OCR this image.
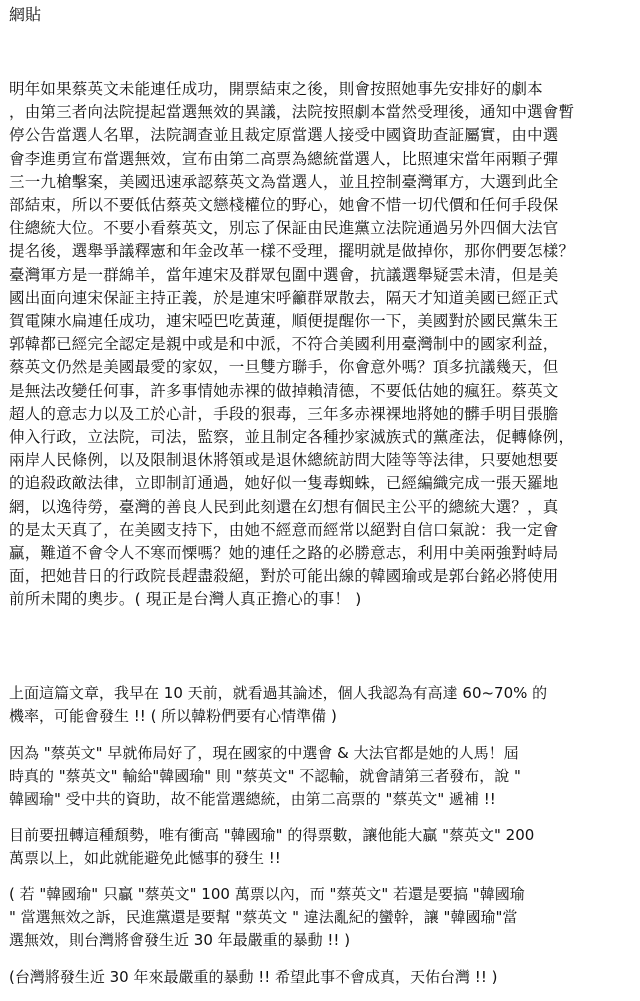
網貼
明年如果蔡英文未能連任成功，開票結束之後，則會按照她事先安排好的劇本
，由第三者向法院提起當選無效的異議，法院按照劇本當然受理後，通知中選會暫
停公告當選人名單，法院調查並且裁定原當選人接受中國資助查証屬實，由中選
會李進勇宣布當選無效，宣布由第二高票為總統當選人，比照連宋當年兩顆子彈
三一九槍擊案，美國迅速承認蔡英文為當選人，並且控制臺灣軍方，大選到此全
部結束，所以不要低估蔡英文戀棧權位的野心，她會不惜一切代價和任何手段保
住總統大位。不要小看蔡英文，別忘了保証由民進黨立法院通過另外四個大法官
提名後，選舉爭議釋憲和年金改革一樣不受理，擺明就是做掉你，那你們要怎樣？
臺灣軍方是一群綿羊，當年連宋及群眾包圍中選會，抗議選舉疑雲未清，但是美
國出面向連宋保証主持正義，於是連宋呼籲群眾散去，隔天才知道美國已經正式
賀電陳水扁連任成功，連宋啞巴吃黃蓮，順便提醒你一下，美國對於國民黨朱王
郭韓都已經完全認定是親中或是和中派，不符合美國利用臺灣制中的國家利益，
蔡英文仍然是美國最愛的家奴，一旦雙方聯手，你會意外嗎？頂多抗議幾天，但
是無法改變任何事，許多事情她赤裸的做掉賴清德，不要低估她的瘋狂。蔡英文
超人的意志力以及工於心計，手段的狠毒，三年多赤裸裸地將她的髒手明目張膽
伸入行政，立法院，司法，監察，並且制定各種抄家滅族式的黨產法，促轉條例，
兩岸人民條例，以及限制退休將領或是退休總統訪問大陸等等法律，只要她想要
的追殺政敵法律，立即制訂通過，她好似一隻毒蜘蛛，已經編織完成一張天羅地
網，以逸待勞，臺灣的善良人民到此刻還在幻想有個民主公平的總統大選？，真
的是太天真了，在美國支持下，由她不經意而經常以絕對自信口氣說：我一定會
贏，難道不會令人不寒而慄嗎？她的連任之路的必勝意志，利用中美兩強對峙局
面，把她昔日的行政院長趕盡殺絕，對於可能出線的韓國瑜或是郭台銘必將使用
前所未聞的奧步。( 現正是台灣人真正擔心的事！ )
上面這篇文章，我早在 10 天前，就看過其論述，個人我認為有高達 60~70% 的
機率，可能會發生 !! ( 所以韓粉們要有心情準備 )
因為 "蔡英文" 早就佈局好了，現在國家的中選會 & 大法官都是她的人馬！屆
時真的 "蔡英文" 輸給"韓國瑜" 則 "蔡英文" 不認輸，就會請第三者發布，說 "
韓國瑜" 受中共的資助，故不能當選總統，由第二高票的 "蔡英文" 遞補 !!
目前要扭轉這種頹勢，唯有衝高 "韓國瑜" 的得票數，讓他能大贏 "蔡英文" 200
萬票以上，如此就能避免此憾事的發生 !!
( 若 "韓國瑜" 只贏 "蔡英文" 100 萬票以內，而 "蔡英文" 若還是要搞 "韓國瑜
" 當選無效之訴，民進黨還是要幫 "蔡英文 " 違法亂紀的蠻幹，讓 "韓國瑜"當
選無效，則台灣將會發生近 30 年最嚴重的暴動 !! )
(台灣將發生近 30 年來最嚴重的暴動 !! 希望此事不會成真，天佑台灣 !! )
